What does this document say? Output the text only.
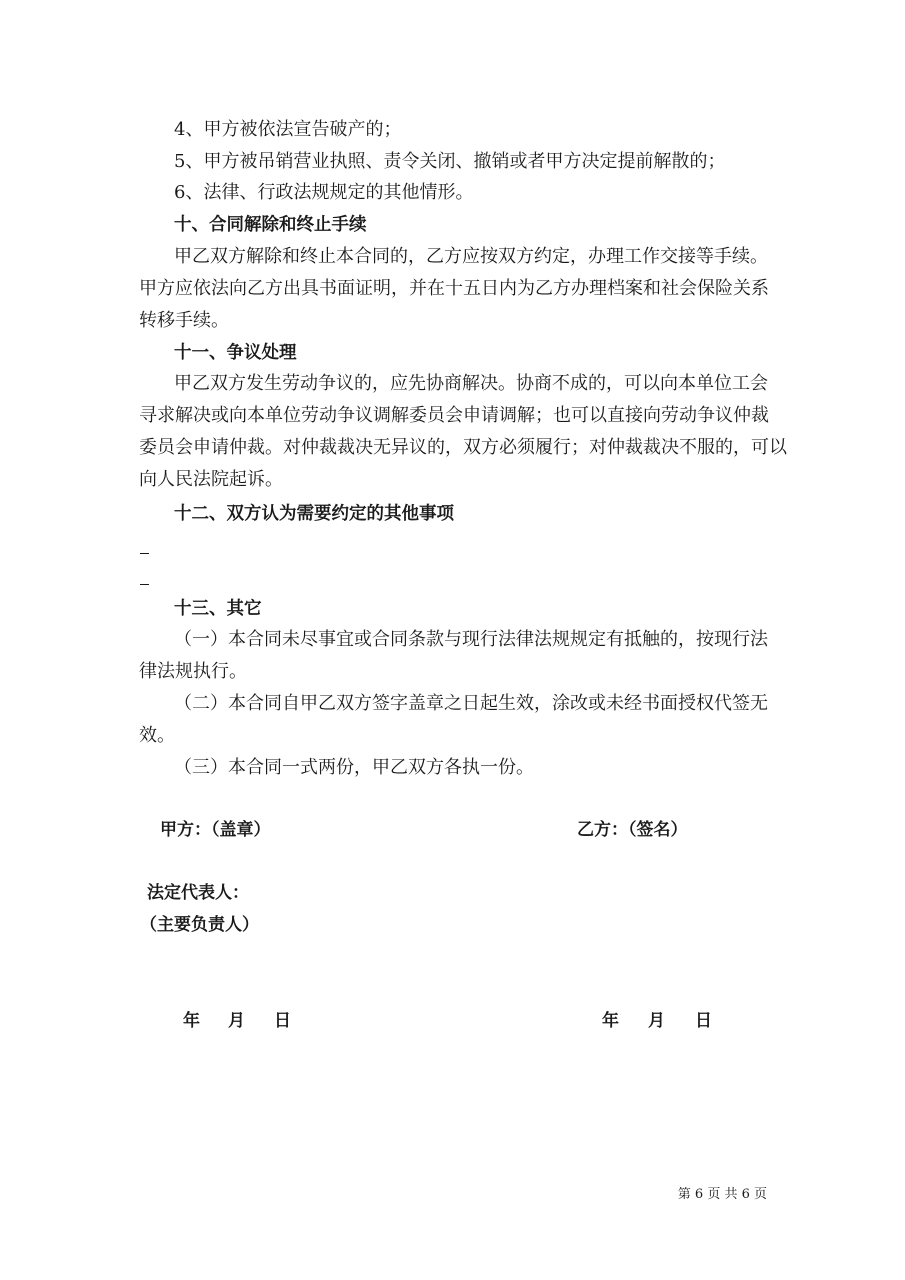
4、甲方被依法宣告破产的；
5、甲方被吊销营业执照、责令关闭、撤销或者甲方决定提前解散的；
6、法律、行政法规规定的其他情形。
十、合同解除和终止手续
甲乙双方解除和终止本合同的，乙方应按双方约定，办理工作交接等手续。
甲方应依法向乙方出具书面证明，并在十五日内为乙方办理档案和社会保险关系
转移手续。
十一、争议处理
甲乙双方发生劳动争议的，应先协商解决。协商不成的，可以向本单位工会
寻求解决或向本单位劳动争议调解委员会申请调解；也可以直接向劳动争议仲裁
委员会申请仲裁。对仲裁裁决无异议的，双方必须履行；对仲裁裁决不服的，可以
向人民法院起诉。
十二、双方认为需要约定的其他事项
十三、其它
（一）本合同未尽事宜或合同条款与现行法律法规规定有抵触的，按现行法
律法规执行。
（二）本合同自甲乙双方签字盖章之日起生效，涂改或未经书面授权代签无
效。
（三）本合同一式两份，甲乙双方各执一份。
甲方：（盖章）	乙方：（签名）
法定代表人：
（主要负责人）
年 月 日	年 月 日
第 6 页 共 6 页
